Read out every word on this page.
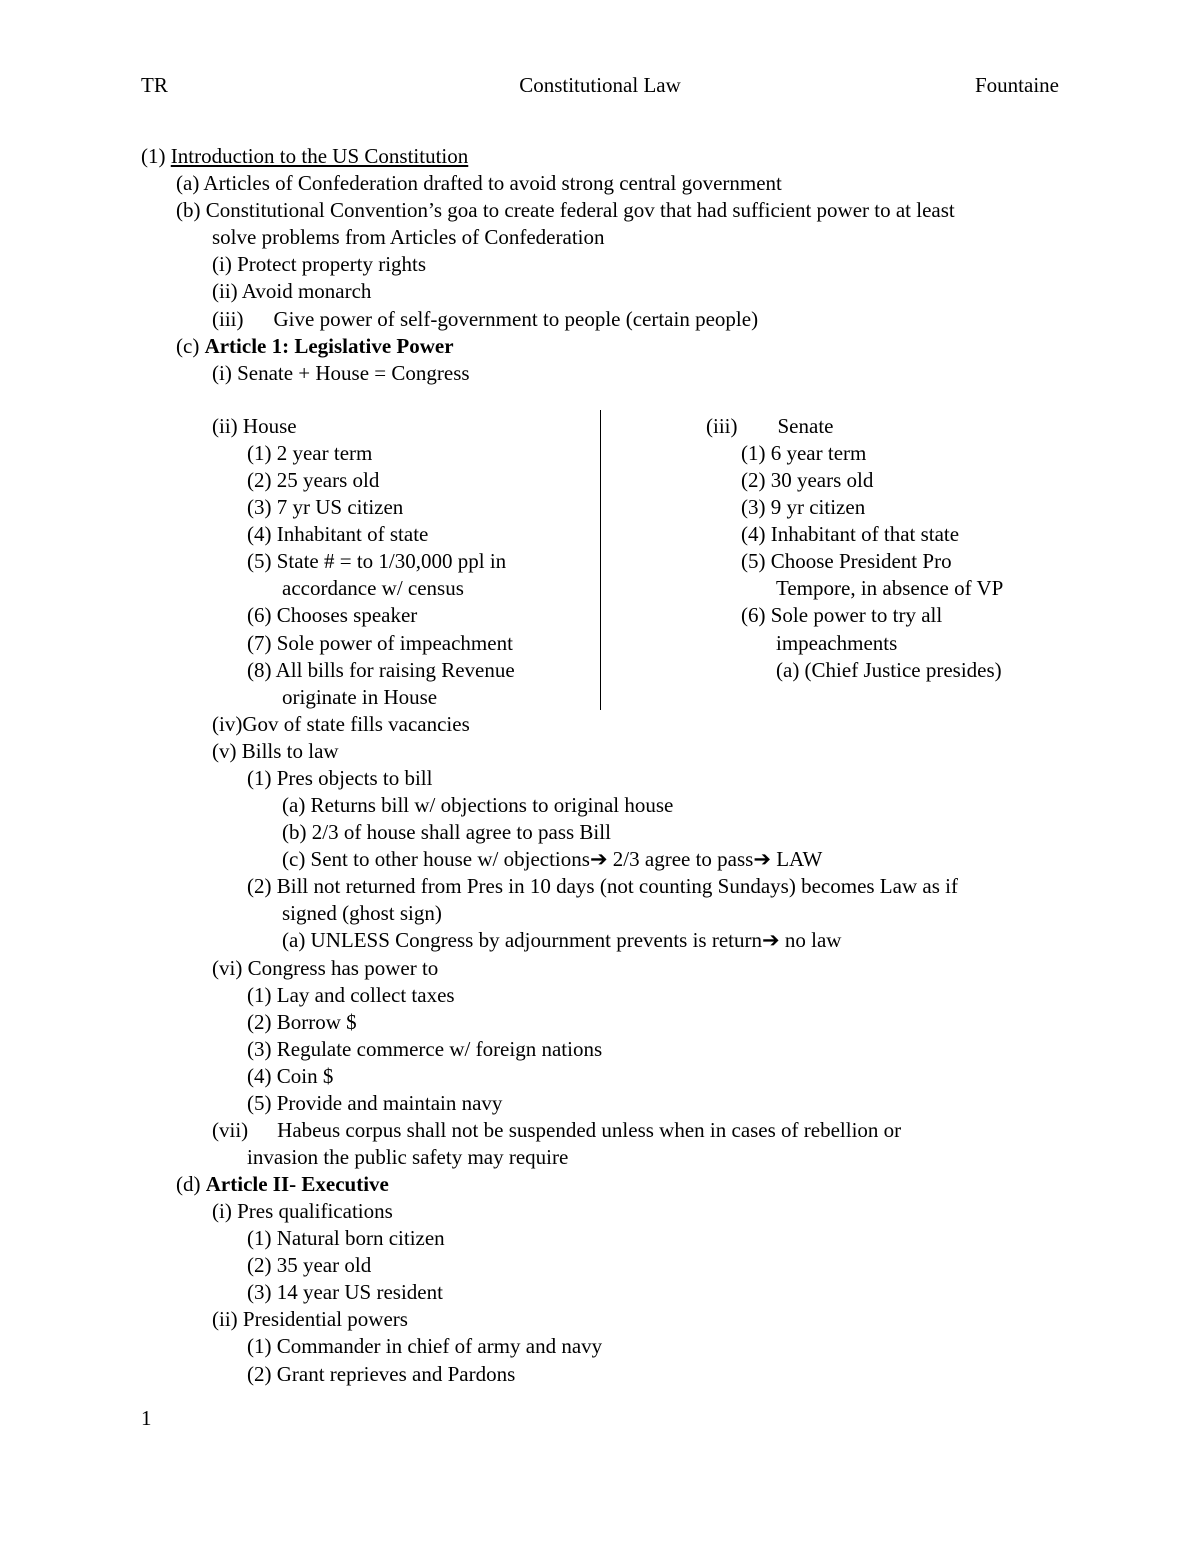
TR	Constitutional Law	Fountaine
(1) Introduction to the US Constitution
(a) Articles of Confederation drafted to avoid strong central government
(b) Constitutional Convention’s goa to create federal gov that had sufficient power to at least
solve problems from Articles of Confederation
(i) Protect property rights
(ii) Avoid monarch
(iii) Give power of self-government to people (certain people)
(c) Article 1: Legislative Power
(i) Senate + House = Congress
(ii) House
(1) 2 year term
(2) 25 years old
(3) 7 yr US citizen
(4) Inhabitant of state
(5) State # = to 1/30,000 ppl in
accordance w/ census
(6) Chooses speaker
(7) Sole power of impeachment
(8) All bills for raising Revenue
originate in House
(iii) Senate
(1) 6 year term
(2) 30 years old
(3) 9 yr citizen
(4) Inhabitant of that state
(5) Choose President Pro
Tempore, in absence of VP
(6) Sole power to try all
impeachments
(a) (Chief Justice presides)
(iv)Gov of state fills vacancies
(v) Bills to law
(1) Pres objects to bill
(a) Returns bill w/ objections to original house
(b) 2/3 of house shall agree to pass Bill
(c) Sent to other house w/ objections➔ 2/3 agree to pass➔ LAW
(2) Bill not returned from Pres in 10 days (not counting Sundays) becomes Law as if
signed (ghost sign)
(a) UNLESS Congress by adjournment prevents is return➔ no law
(vi) Congress has power to
(1) Lay and collect taxes
(2) Borrow $
(3) Regulate commerce w/ foreign nations
(4) Coin $
(5) Provide and maintain navy
(vii) Habeus corpus shall not be suspended unless when in cases of rebellion or
invasion the public safety may require
(d) Article II- Executive
(i) Pres qualifications
(1) Natural born citizen
(2) 35 year old
(3) 14 year US resident
(ii) Presidential powers
(1) Commander in chief of army and navy
(2) Grant reprieves and Pardons
1
